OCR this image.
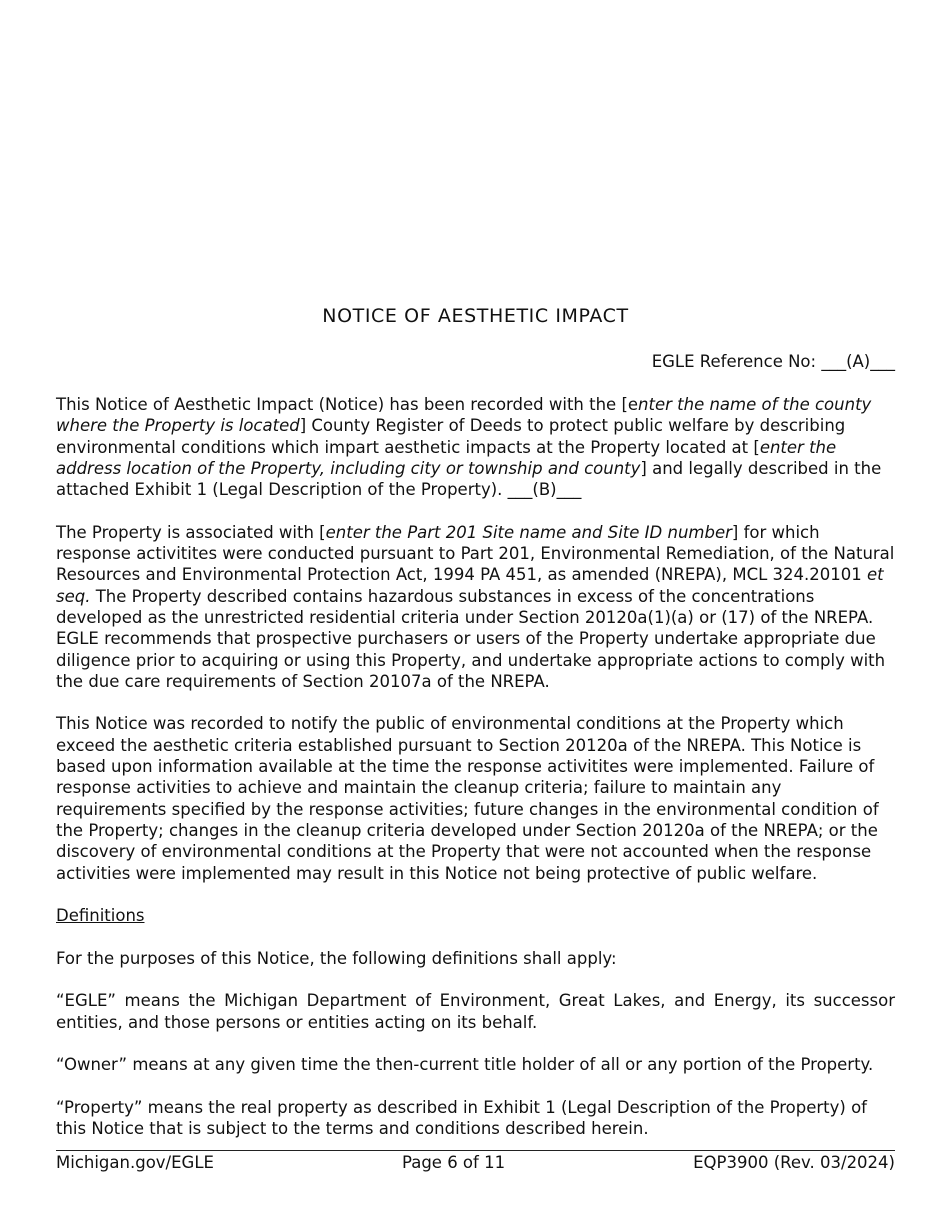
NOTICE OF AESTHETIC IMPACT
EGLE Reference No: ___(A)___

This Notice of Aesthetic Impact (Notice) has been recorded with the [enter the name of the county where the Property is located] County Register of Deeds to protect public welfare by describing environmental conditions which impart aesthetic impacts at the Property located at [enter the address location of the Property, including city or township and county] and legally described in the attached Exhibit 1 (Legal Description of the Property). ___(B)___

The Property is associated with [enter the Part 201 Site name and Site ID number] for which response activitites were conducted pursuant to Part 201, Environmental Remediation, of the Natural Resources and Environmental Protection Act, 1994 PA 451, as amended (NREPA), MCL 324.20101 et seq. The Property described contains hazardous substances in excess of the concentrations developed as the unrestricted residential criteria under Section 20120a(1)(a) or (17) of the NREPA. EGLE recommends that prospective purchasers or users of the Property undertake appropriate due diligence prior to acquiring or using this Property, and undertake appropriate actions to comply with the due care requirements of Section 20107a of the NREPA.

This Notice was recorded to notify the public of environmental conditions at the Property which exceed the aesthetic criteria established pursuant to Section 20120a of the NREPA. This Notice is based upon information available at the time the response activitites were implemented. Failure of response activities to achieve and maintain the cleanup criteria; failure to maintain any requirements specified by the response activities; future changes in the environmental condition of the Property; changes in the cleanup criteria developed under Section 20120a of the NREPA; or the discovery of environmental conditions at the Property that were not accounted when the response activities were implemented may result in this Notice not being protective of public welfare.

Definitions

For the purposes of this Notice, the following definitions shall apply:

“EGLE” means the Michigan Department of Environment, Great Lakes, and Energy, its successor entities, and those persons or entities acting on its behalf.

“Owner” means at any given time the then-current title holder of all or any portion of the Property.

“Property” means the real property as described in Exhibit 1 (Legal Description of the Property) of this Notice that is subject to the terms and conditions described herein.

Michigan.gov/EGLE	Page 6 of 11	EQP3900 (Rev. 03/2024)
